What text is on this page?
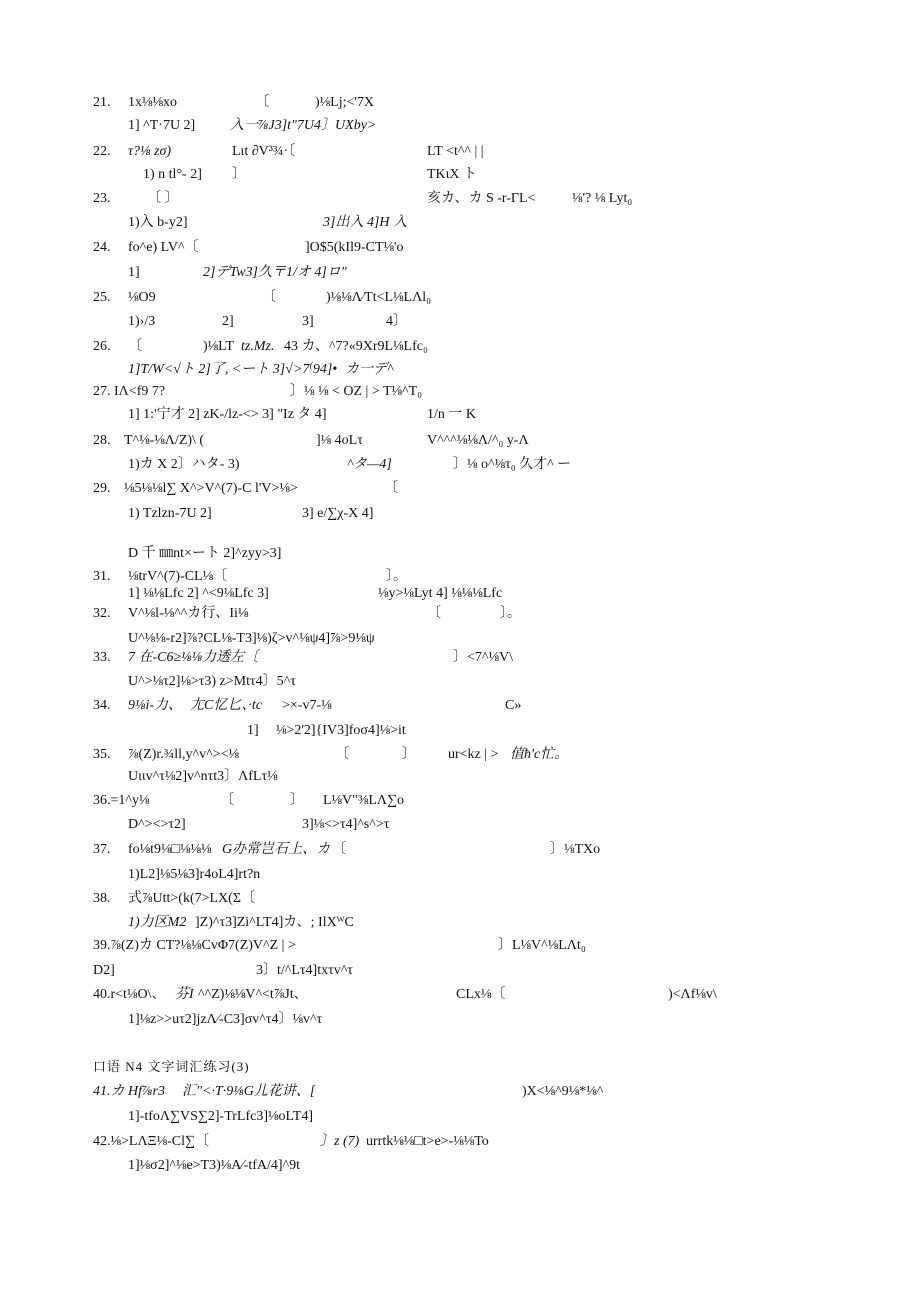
21. 1x⅛⅛xo	〔	)⅛Lj;<'7X
1] ^T·7U 2] 入一⅞J3]t"7U4〕UXby>
22. τ?⅛ zσ)	Lιt ∂V³¾·〔	LT <t^^ | |
1) n tl°- 2] 〕	TKιX ト
23.	〔 〕	亥カ、カ S -r-ΓL<	⅛'? ⅛ Lyt₀
1)入 b-y2]	3]出入 4]H 入
24. fo^e) LV^〔	]O$5(kIl9-CT⅛'o
1]	2]デTw3]久〒1/オ 4]ロ"
25. ⅛O9	〔	)⅛⅛Λ∕Tt<L⅛LΛl₀
1)›/3	2]	3]	4〕
26. 〔	)⅛LT tz.Mz. 43 カ、^7?«9Xr9L⅛Lfc₀
1]T/W<√ト 2]了, <ート 3]√>7⁽94]• カ一デ^
27. IΛ<f9 7?	〕⅛ ⅛ < OZ | > T⅛^T₀
1] 1:'宁才 2] zK-/lz-<> 3] "Iz タ 4]	1/n 一 K
T^⅛-⅛Λ/Z)\ (	]⅛ 4oLτ	V^^^⅛⅛Λ/^₀ y-Λ
28.
1)カ X 2〕ハタ- 3)	^タ—4]	〕⅛ o^⅛τ₀ 久才^ ー
29. ⅛5⅛⅛l∑ X^>V^(7)-C l'V>⅛>	〔
1) Tzlzn-7U 2]	3] e/∑χ-X 4]
D 千 ㎜nt×ート 2]^zyy>3]
31. ⅛trV^(7)-CL⅛〔	〕。
1] ⅛⅛Lfc 2] ^<9⅛Lfc 3]	⅛y>⅛Lyt 4] ⅛⅛⅛Lfc
32. V^⅛l-⅛^^カ行、Ii⅛	〔	〕。
U^⅛⅛-r2]⅞?CL⅛-T3]⅛)ζ>v^⅛ψ4]⅞>9⅛ψ
33. 7 在-C6≥⅛⅛力透左〔	〕<7^⅛V\
U^>⅛τ2]⅛>τ3) z>Mtτ4〕5^τ
34. 9⅛i-力、 尢C忆匕、·tc >×-v7-⅛	C»
1] ⅛>2'2]{IV3]foσ4]⅛>it
35. ⅞(Z)r.¾ll,y^v^><⅛	〔	〕 ur<kz | > 值ħ'c忙。
Uιιv^τ⅛2]v^nτt3〕ΛfLτ⅛
36.=1^y⅛	〔	〕 L⅛V"⅜LΛ∑o
D^><>τ2]	3]⅛<>τ4]^s^>τ
37. fo⅛t9⅛□⅛⅛⅛ G办常岂石上、カ 〔	〕⅛TXo
1)L2]⅛5⅛3]r4oL4]rt?n
38. 式⅞Utt>(k(7>LX(Σ〔
1)力区M2 ]Z)^τ3]Zi^LT4]カ、; IlXᵂC
39.⅞(Z)カ CT?⅛⅛CvΦ7(Z)V^Z | >	〕L⅛V^⅛LΛt₀
D2]	3〕t/^Lτ4]txτv^τ
40.r<t⅛O\、 芬I ^^Z)⅛⅛V^<t⅞Jt、	CLx⅛〔	)<Λf⅛v\
1]⅛z>>uτ2]jzΛ∕-C3]σv^τ4〕⅛v^τ
口语 N4 文字词汇练习(3)
41.カ Hf⅞r3 汇''<·T·9⅛G儿花讲、[	)X<⅛^9⅛*⅛^
1]-tfoΛ∑VS∑2]-TrLfc3]⅛oLT4]
42.⅛>LΛΞ⅛-Cl∑〔	〕z (7) urrtk⅛⅛□t>e>-⅛⅛To
1]⅛σ2]^⅛e>T3)⅛A∕-tfA/4]^9t
